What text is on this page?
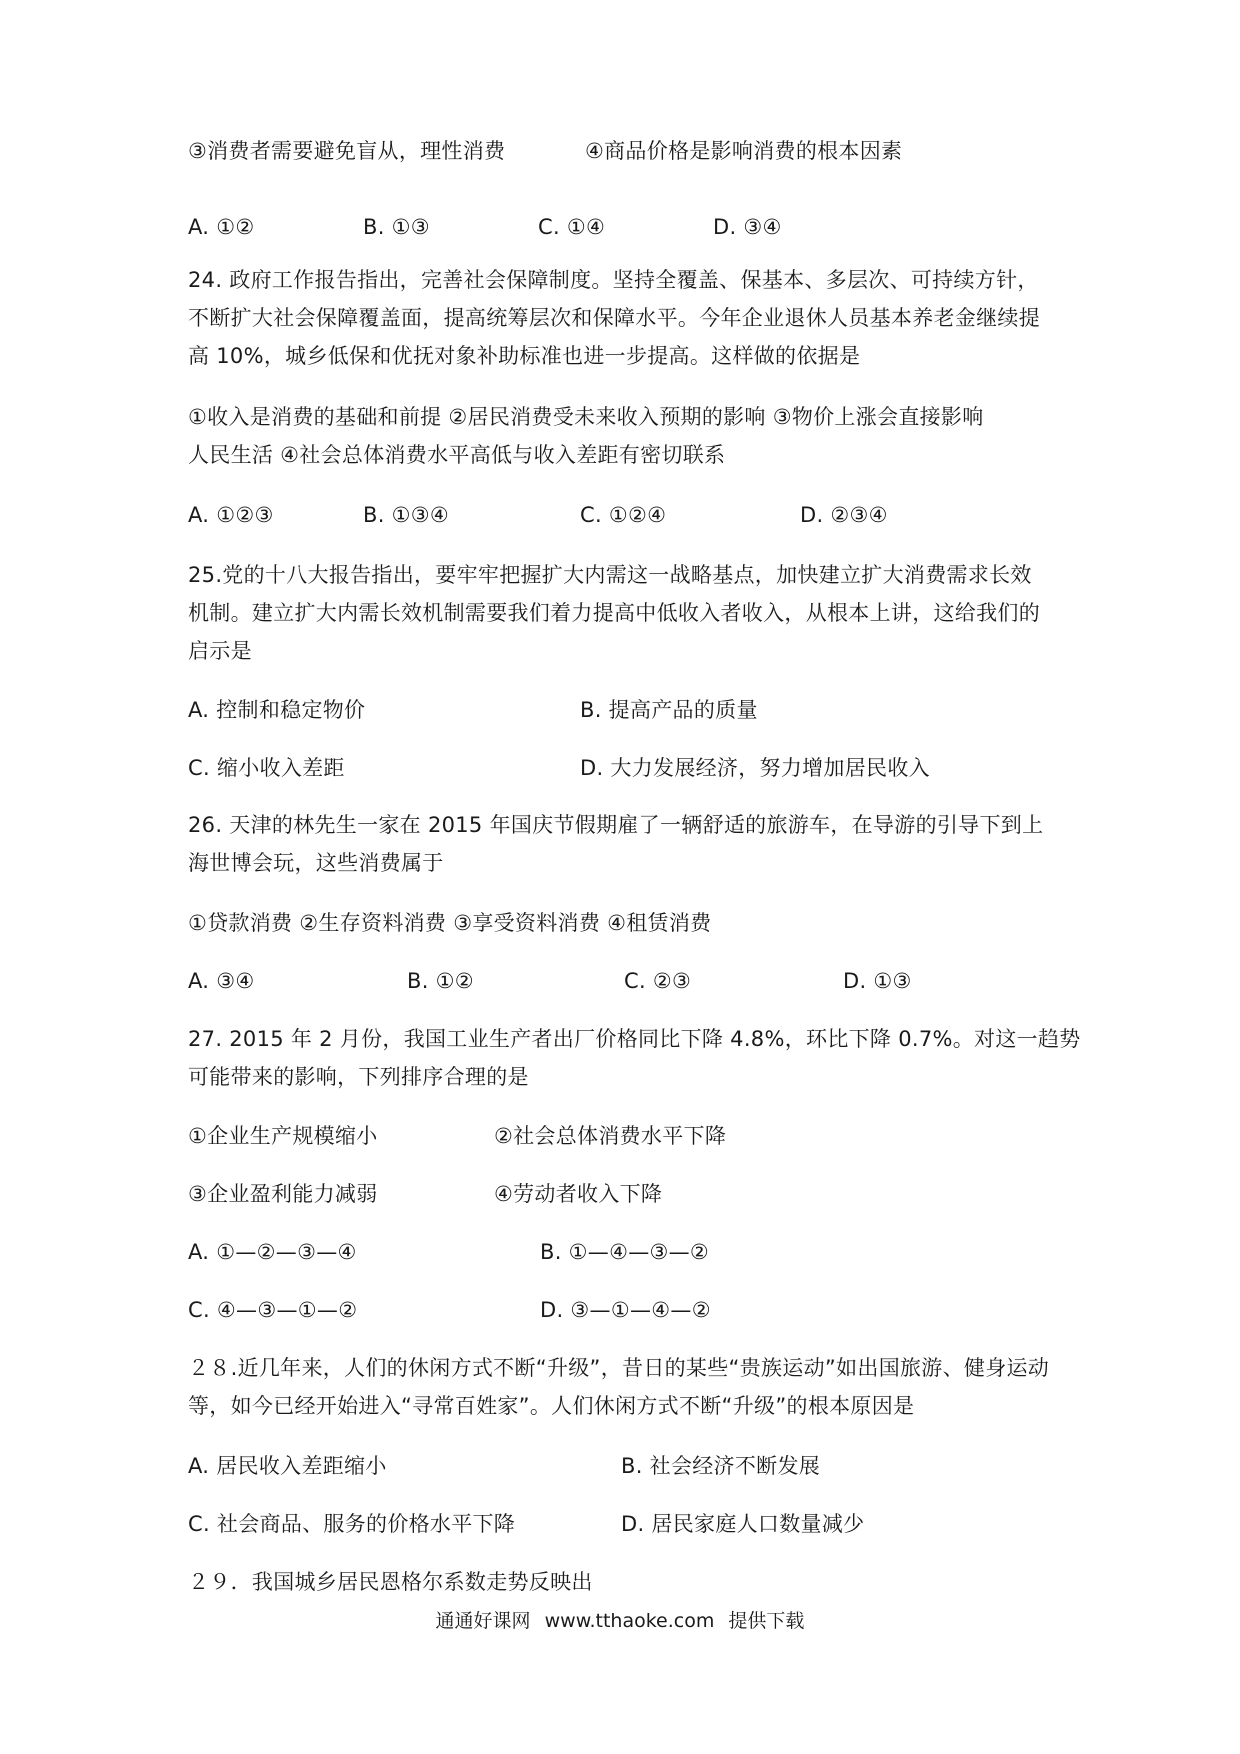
③消费者需要避免盲从，理性消费	④商品价格是影响消费的根本因素
A. ①②	B. ①③	C. ①④	D. ③④
24. 政府工作报告指出，完善社会保障制度。坚持全覆盖、保基本、多层次、可持续方针，
不断扩大社会保障覆盖面，提高统筹层次和保障水平。今年企业退休人员基本养老金继续提
高 10%，城乡低保和优抚对象补助标准也进一步提高。这样做的依据是
①收入是消费的基础和前提 ②居民消费受未来收入预期的影响 ③物价上涨会直接影响
人民生活 ④社会总体消费水平高低与收入差距有密切联系
A. ①②③	B. ①③④	C. ①②④	D. ②③④
25.党的十八大报告指出，要牢牢把握扩大内需这一战略基点，加快建立扩大消费需求长效
机制。建立扩大内需长效机制需要我们着力提高中低收入者收入，从根本上讲，这给我们的
启示是
A. 控制和稳定物价	B. 提高产品的质量
C. 缩小收入差距	D. 大力发展经济，努力增加居民收入
26. 天津的林先生一家在 2015 年国庆节假期雇了一辆舒适的旅游车，在导游的引导下到上
海世博会玩，这些消费属于
①贷款消费 ②生存资料消费 ③享受资料消费 ④租赁消费
A. ③④	B. ①②	C. ②③	D. ①③
27. 2015 年 2 月份，我国工业生产者出厂价格同比下降 4.8%，环比下降 0.7%。对这一趋势
可能带来的影响，下列排序合理的是
①企业生产规模缩小	②社会总体消费水平下降
③企业盈利能力减弱	④劳动者收入下降
A. ①—②—③—④	B. ①—④—③—②
C. ④—③—①—②	D. ③—①—④—②
２８.近几年来，人们的休闲方式不断“升级”，昔日的某些“贵族运动”如出国旅游、健身运动
等，如今已经开始进入“寻常百姓家”。人们休闲方式不断“升级”的根本原因是
A. 居民收入差距缩小	B. 社会经济不断发展
C. 社会商品、服务的价格水平下降	D. 居民家庭人口数量减少
２９．我国城乡居民恩格尔系数走势反映出
通通好课网 www.tthaoke.com 提供下载
